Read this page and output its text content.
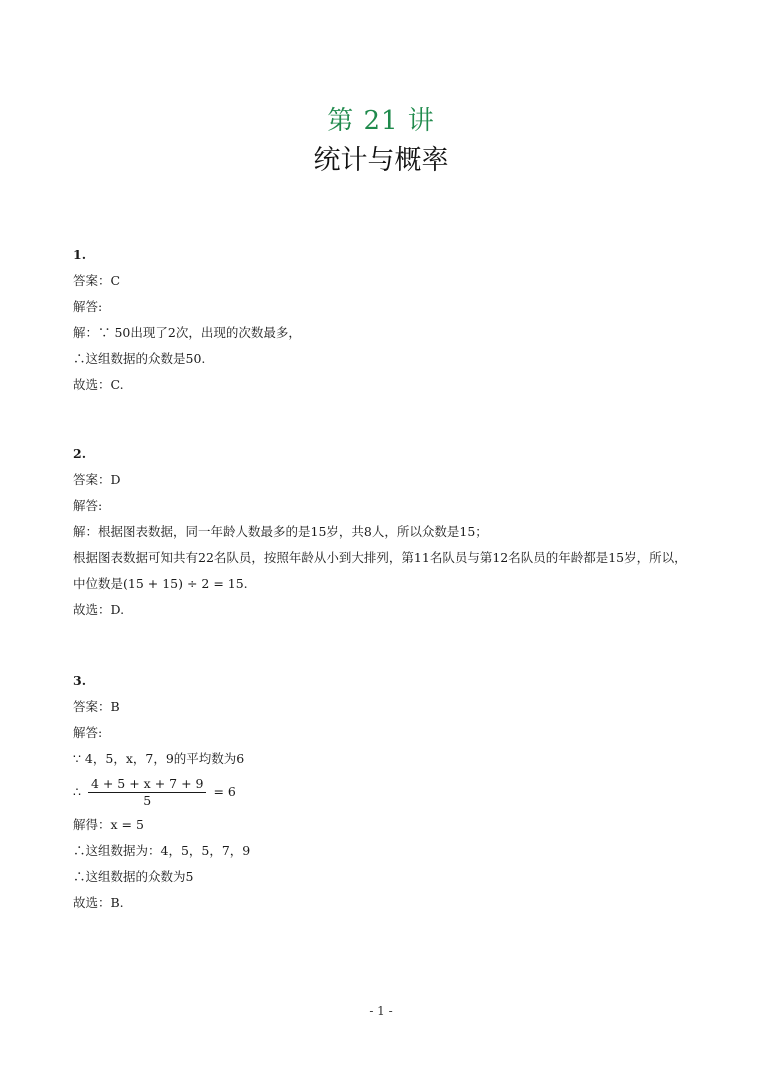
第 21 讲
统计与概率
1.
答案：C
解答:
解：∵ 50出现了2次，出现的次数最多，
∴这组数据的众数是50.
故选：C.
2.
答案：D
解答:
解：根据图表数据，同一年龄人数最多的是15岁，共8人，所以众数是15；
根据图表数据可知共有22名队员，按照年龄从小到大排列，第11名队员与第12名队员的年龄都是15岁，所以，中位数是(15 + 15) ÷ 2 = 15.
故选：D.
3.
答案：B
解答:
∵ 4，5，x，7，9的平均数为6
∴ $\frac{4 + 5 + x + 7 + 9}{5} = 6$
解得：x = 5
∴这组数据为：4，5，5，7，9
∴这组数据的众数为5
故选：B.
- 1 -
